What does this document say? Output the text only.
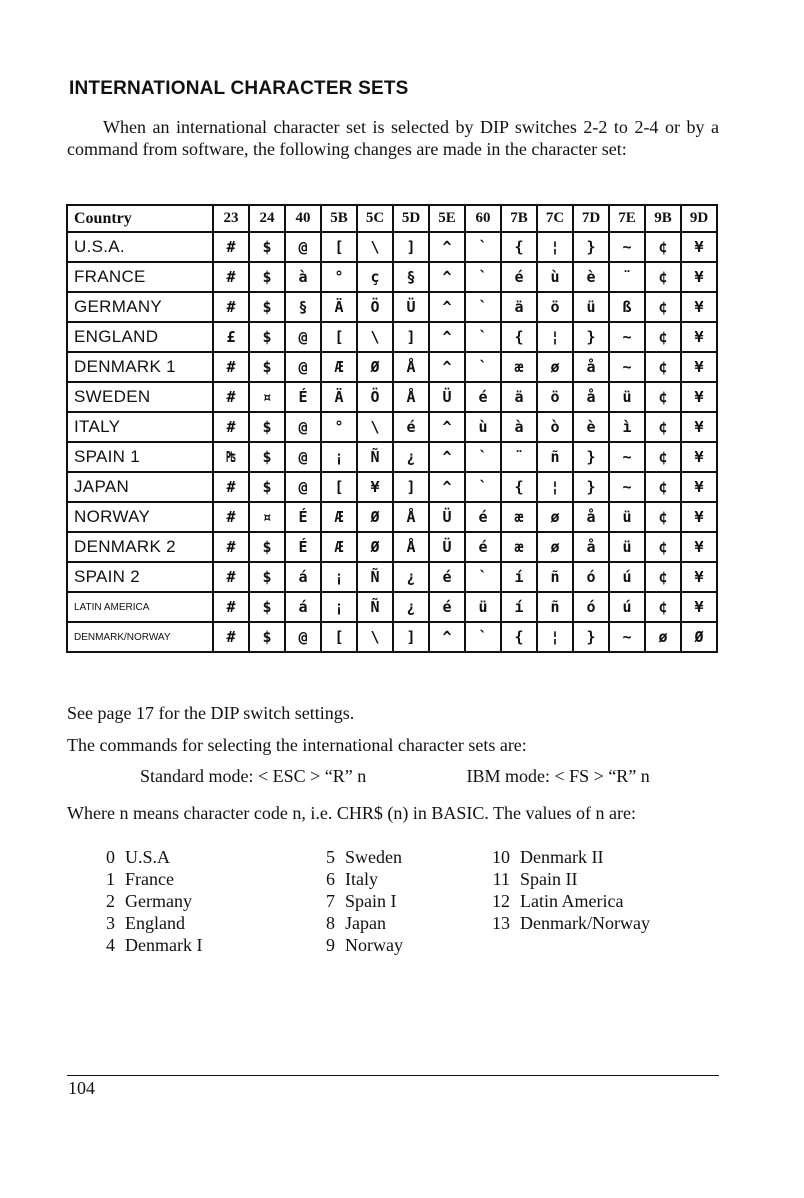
INTERNATIONAL CHARACTER SETS

When an international character set is selected by DIP switches 2-2 to 2-4 or by a command from software, the following changes are made in the character set:

Country	23	24	40	5B	5C	5D	5E	60	7B	7C	7D	7E	9B	9D
U.S.A.	#	$	@	[	\	]	^	`	{	¦	}	~	¢	¥
FRANCE	#	$	à	°	ç	§	^	`	é	ù	è	¨	¢	¥
GERMANY	#	$	§	Ä	Ö	Ü	^	`	ä	ö	ü	ß	¢	¥
ENGLAND	£	$	@	[	\	]	^	`	{	¦	}	~	¢	¥
DENMARK 1	#	$	@	Æ	Ø	Å	^	`	æ	ø	å	~	¢	¥
SWEDEN	#	¤	É	Ä	Ö	Å	Ü	é	ä	ö	å	ü	¢	¥
ITALY	#	$	@	°	\	é	^	ù	à	ò	è	ì	¢	¥
SPAIN 1	₧	$	@	¡	Ñ	¿	^	`	¨	ñ	}	~	¢	¥
JAPAN	#	$	@	[	¥	]	^	`	{	¦	}	~	¢	¥
NORWAY	#	¤	É	Æ	Ø	Å	Ü	é	æ	ø	å	ü	¢	¥
DENMARK 2	#	$	É	Æ	Ø	Å	Ü	é	æ	ø	å	ü	¢	¥
SPAIN 2	#	$	á	¡	Ñ	¿	é	`	í	ñ	ó	ú	¢	¥
LATIN AMERICA	#	$	á	¡	Ñ	¿	é	ü	í	ñ	ó	ú	¢	¥
DENMARK/NORWAY	#	$	@	[	\	]	^	`	{	¦	}	~	ø	Ø

See page 17 for the DIP switch settings.

The commands for selecting the international character sets are:

Standard mode: < ESC > “R” n	IBM mode: < FS > “R” n

Where n means character code n, i.e. CHR$ (n) in BASIC. The values of n are:

0 U.S.A
1 France
2 Germany
3 England
4 Denmark I
5 Sweden
6 Italy
7 Spain I
8 Japan
9 Norway
10 Denmark II
11 Spain II
12 Latin America
13 Denmark/Norway
104
